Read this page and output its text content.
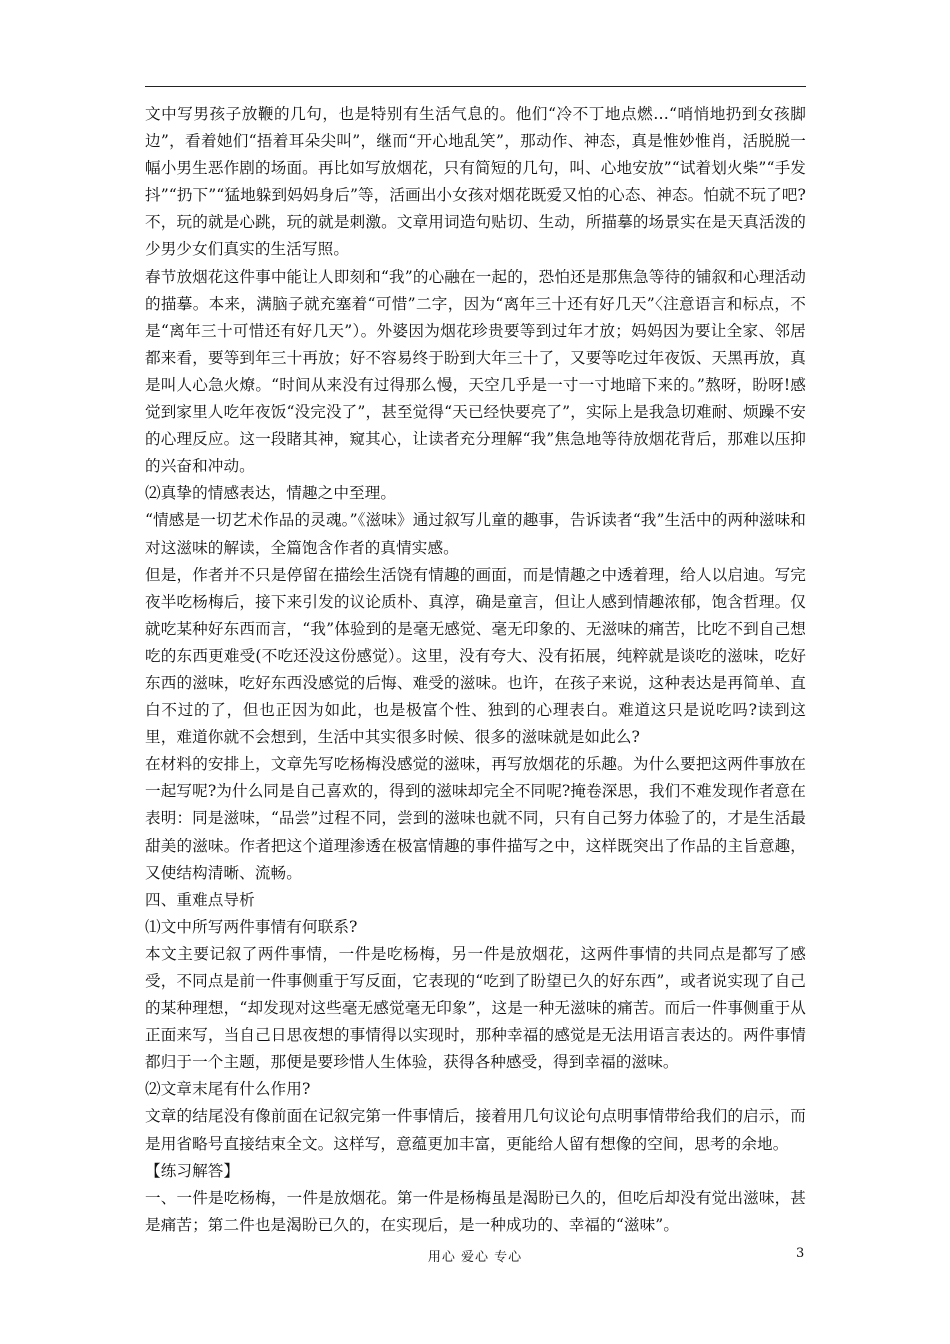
文中写男孩子放鞭的几句，也是特别有生活气息的。他们“冷不丁地点燃…“哨悄地扔到女孩脚边”，看着她们“捂着耳朵尖叫”，继而“开心地乱笑”，那动作、神态，真是惟妙惟肖，活脱脱一幅小男生恶作剧的场面。再比如写放烟花，只有简短的几句，叫、心地安放”“试着划火柴”“手发抖”“扔下”“猛地躲到妈妈身后”等，活画出小女孩对烟花既爱又怕的心态、神态。怕就不玩了吧?不，玩的就是心跳，玩的就是刺激。文章用词造句贴切、生动，所描摹的场景实在是天真活泼的少男少女们真实的生活写照。

春节放烟花这件事中能让人即刻和“我”的心融在一起的，恐怕还是那焦急等待的铺叙和心理活动的描摹。本来，满脑子就充塞着“可惜”二字，因为“离年三十还有好几天”〈注意语言和标点，不是“离年三十可惜还有好几天”）。外婆因为烟花珍贵要等到过年才放；妈妈因为要让全家、邻居都来看，要等到年三十再放；好不容易终于盼到大年三十了，又要等吃过年夜饭、天黑再放，真是叫人心急火燎。“时间从来没有过得那么慢，天空几乎是一寸一寸地暗下来的。”熬呀，盼呀!感觉到家里人吃年夜饭“没完没了”，甚至觉得“天已经快要亮了”，实际上是我急切难耐、烦躁不安的心理反应。这一段睹其神，窥其心，让读者充分理解“我”焦急地等待放烟花背后，那难以压抑的兴奋和冲动。

⑵真挚的情感表达，情趣之中至理。

“情感是一切艺术作品的灵魂。”《滋味》通过叙写儿童的趣事，告诉读者“我”生活中的两种滋味和对这滋味的解读，全篇饱含作者的真情实感。

但是，作者并不只是停留在描绘生活饶有情趣的画面，而是情趣之中透着理，给人以启迪。写完夜半吃杨梅后，接下来引发的议论质朴、真淳，确是童言，但让人感到情趣浓郁，饱含哲理。仅就吃某种好东西而言，“我”体验到的是毫无感觉、毫无印象的、无滋味的痛苦，比吃不到自己想吃的东西更难受(不吃还没这份感觉）。这里，没有夸大、没有拓展，纯粹就是谈吃的滋味，吃好东西的滋味，吃好东西没感觉的后悔、难受的滋味。也许，在孩子来说，这种表达是再简单、直白不过的了，但也正因为如此，也是极富个性、独到的心理表白。难道这只是说吃吗?读到这里，难道你就不会想到，生活中其实很多时候、很多的滋味就是如此么?

在材料的安排上，文章先写吃杨梅没感觉的滋味，再写放烟花的乐趣。为什么要把这两件事放在一起写呢?为什么同是自己喜欢的，得到的滋味却完全不同呢?掩卷深思，我们不难发现作者意在表明：同是滋味，“品尝”过程不同，尝到的滋味也就不同，只有自己努力体验了的，才是生活最甜美的滋味。作者把这个道理渗透在极富情趣的事件描写之中，这样既突出了作品的主旨意趣，又使结构清晰、流畅。

四、重难点导析

⑴文中所写两件事情有何联系?

本文主要记叙了两件事情，一件是吃杨梅，另一件是放烟花，这两件事情的共同点是都写了感受，不同点是前一件事侧重于写反面，它表现的“吃到了盼望已久的好东西”，或者说实现了自己的某种理想，“却发现对这些毫无感觉毫无印象”，这是一种无滋味的痛苦。而后一件事侧重于从正面来写，当自己日思夜想的事情得以实现时，那种幸福的感觉是无法用语言表达的。两件事情都归于一个主题，那便是要珍惜人生体验，获得各种感受，得到幸福的滋味。

⑵文章末尾有什么作用?

文章的结尾没有像前面在记叙完第一件事情后，接着用几句议论句点明事情带给我们的启示，而是用省略号直接结束全文。这样写，意蕴更加丰富，更能给人留有想像的空间，思考的余地。

【练习解答】

一、一件是吃杨梅，一件是放烟花。第一件是杨梅虽是渴盼已久的，但吃后却没有觉出滋味，甚是痛苦；第二件也是渴盼已久的，在实现后，是一种成功的、幸福的“滋味”。

用心 爱心 专心	3
